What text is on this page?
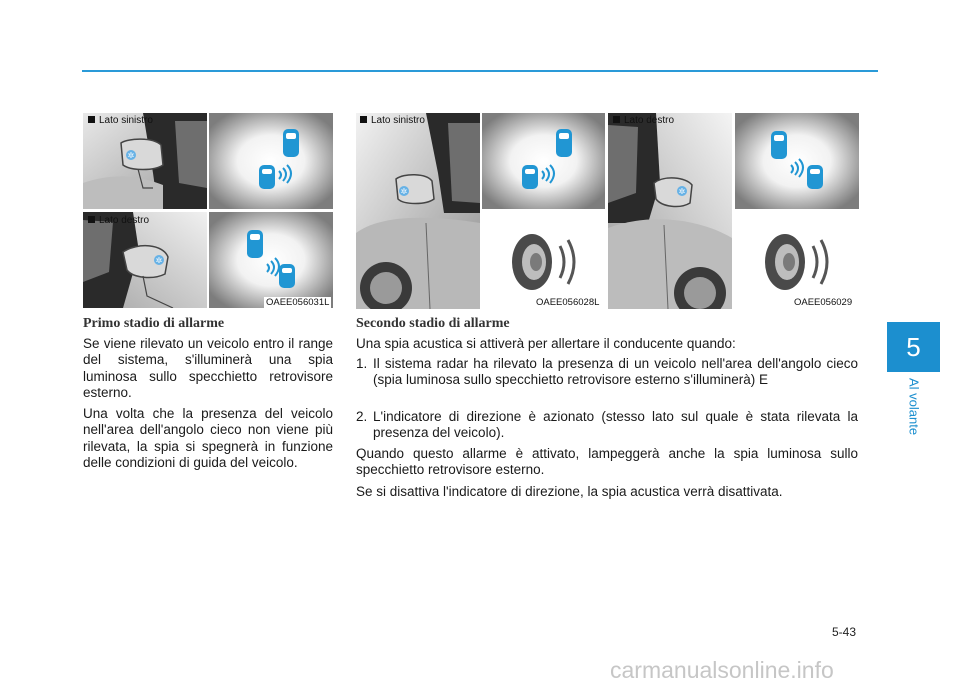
5
Al volante
✲
Lato sinistro
✲
Lato destro
OAEE056031L
✲
Lato sinistro
OAEE056028L
✲
Lato destro
OAEE056029
Primo stadio di allarme

Se viene rilevato un veicolo entro il range del sistema, s'illuminerà una spia luminosa sullo specchietto retrovisore esterno.

Una volta che la presenza del veicolo nell'area dell'angolo cieco non viene più rilevata, la spia si spegnerà in funzione delle condizioni di guida del veicolo.

Secondo stadio di allarme

Una spia acustica si attiverà per allertare il conducente quando:

1. Il sistema radar ha rilevato la presenza di un veicolo nell'area dell'angolo cieco (spia luminosa sullo specchietto retrovisore esterno s'illuminerà) E
2. L'indicatore di direzione è azionato (stesso lato sul quale è stata rilevata la presenza del veicolo).

Quando questo allarme è attivato, lampeggerà anche la spia luminosa sullo specchietto retrovisore esterno.

Se si disattiva l'indicatore di direzione, la spia acustica verrà disattivata.

5-43
carmanualsonline.info
